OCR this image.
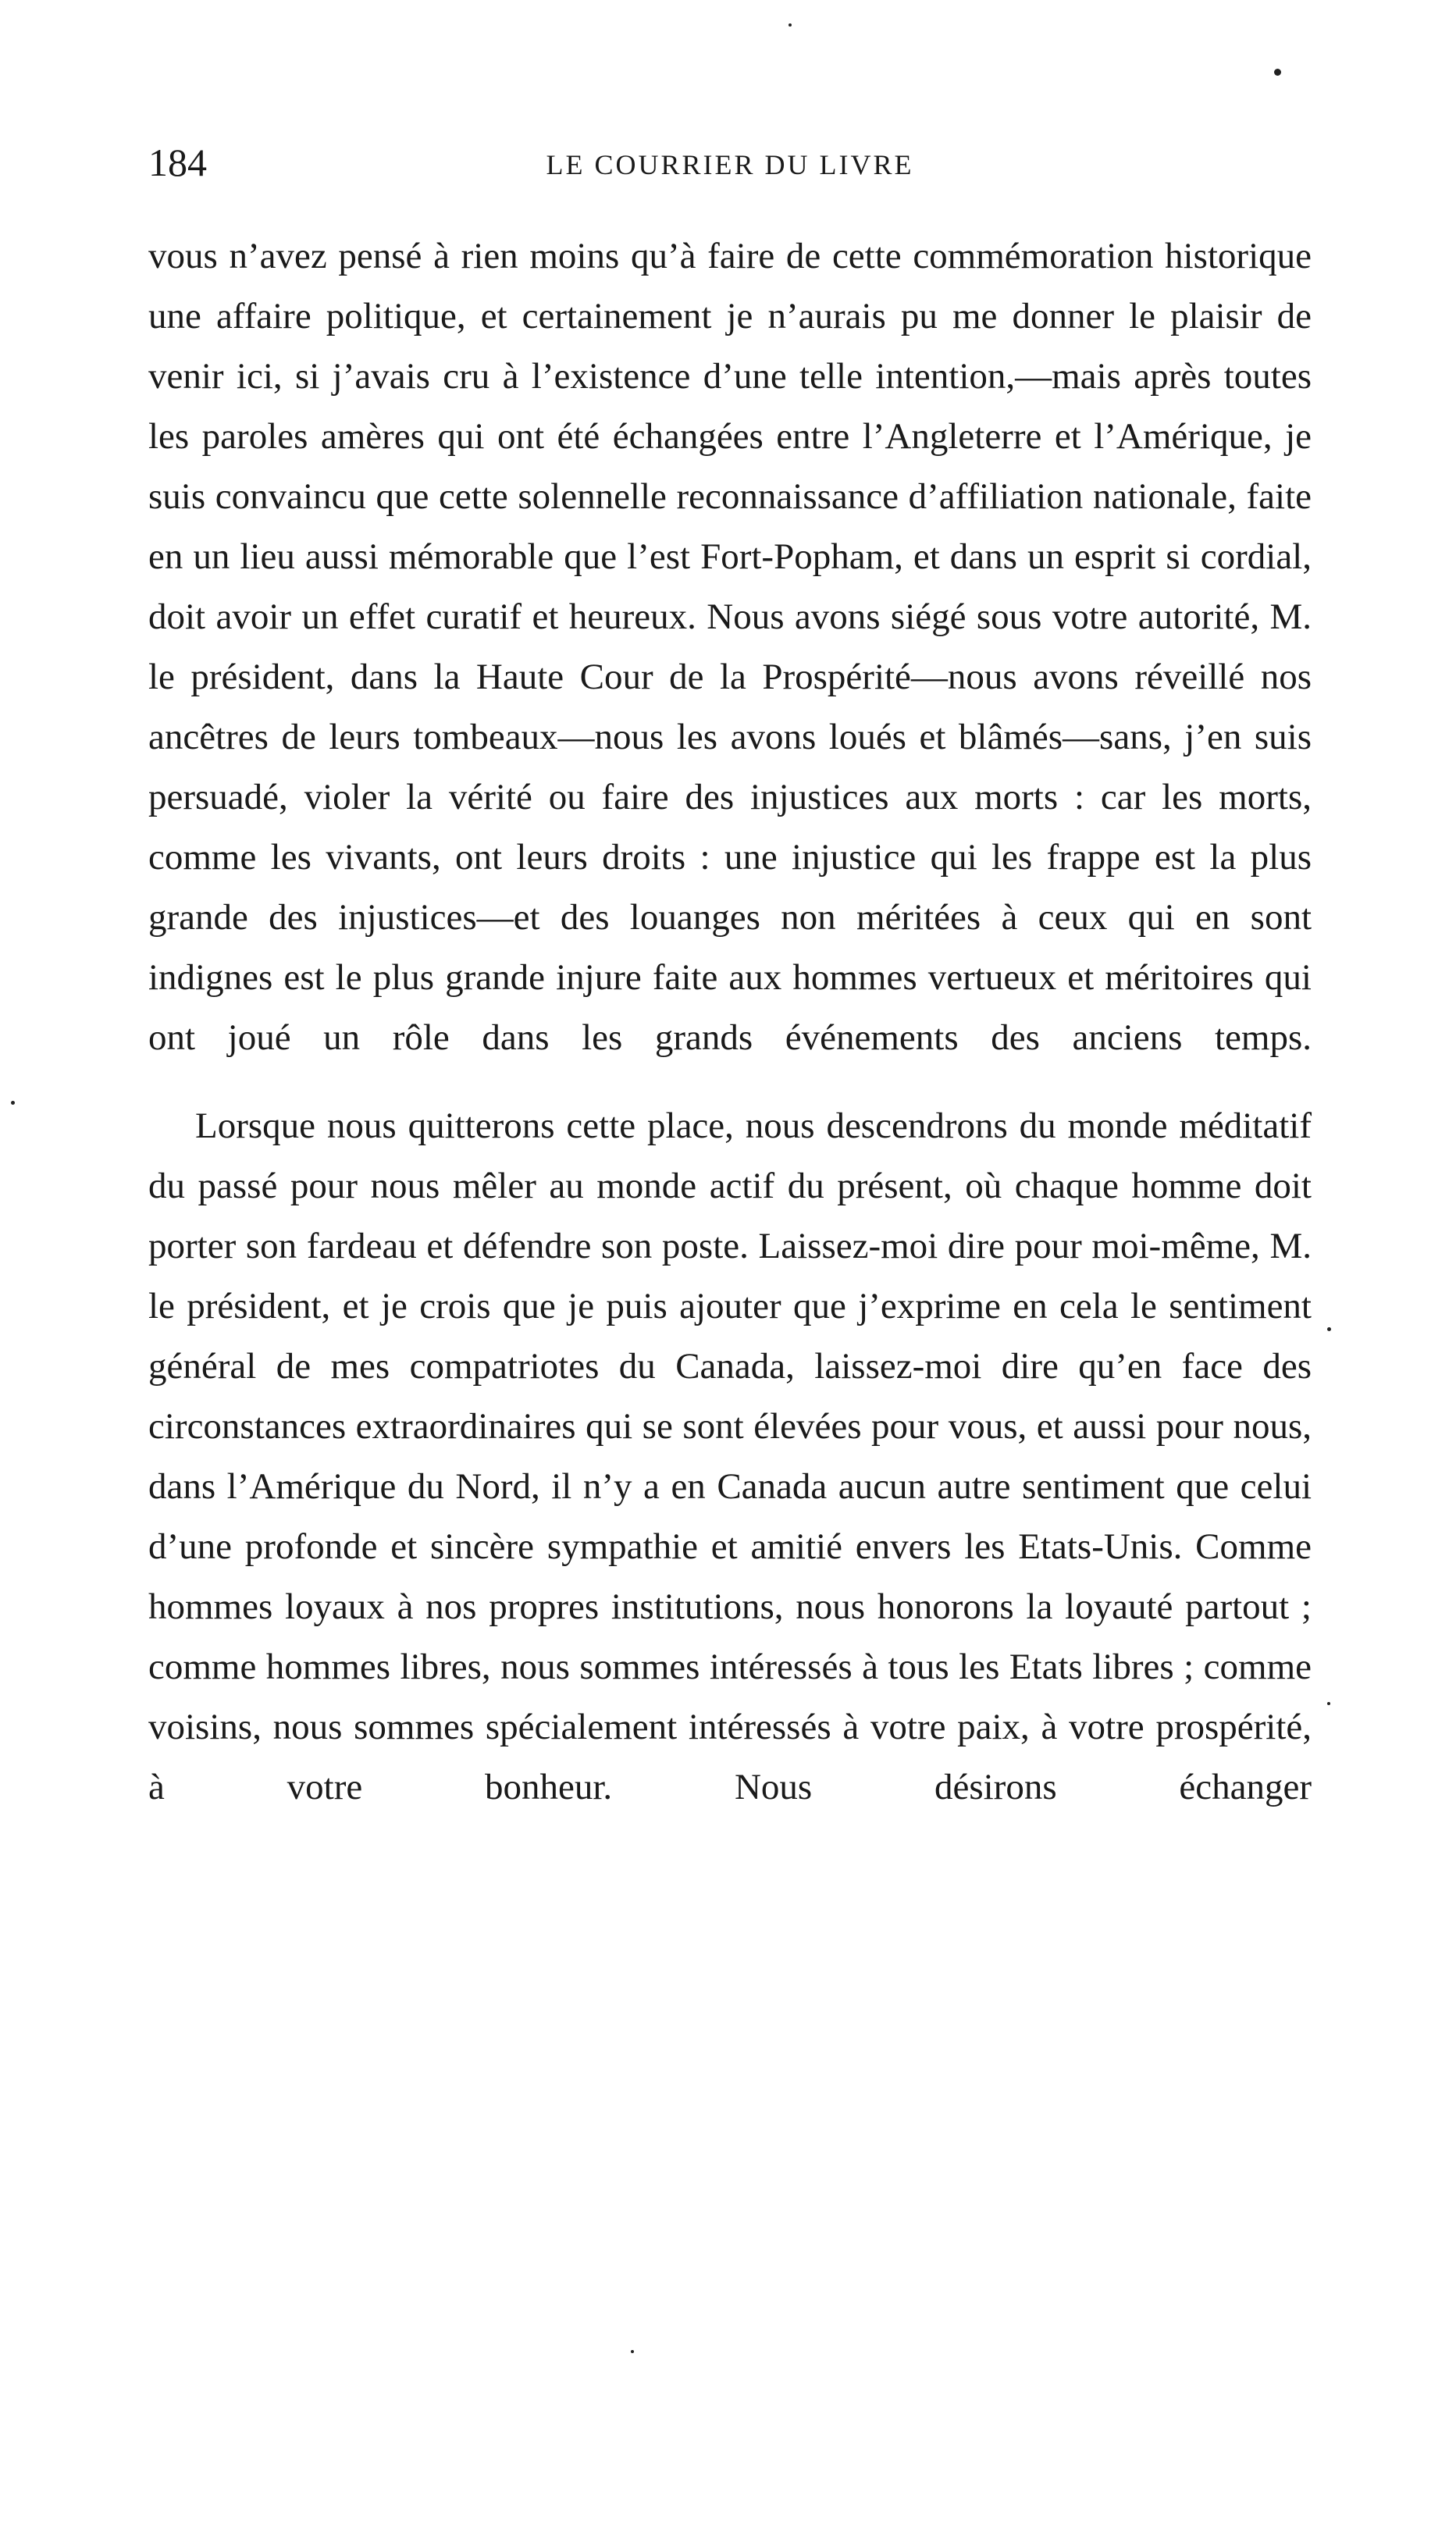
184	LE COURRIER DU LIVRE

vous n’avez pensé à rien moins qu’à faire de cette commémoration historique une affaire politique, et certainement je n’aurais pu me donner le plaisir de venir ici, si j’avais cru à l’existence d’une telle intention,—mais après toutes les paroles amères qui ont été échangées entre l’Angleterre et l’Amérique, je suis convaincu que cette solennelle reconnaissance d’affiliation nationale, faite en un lieu aussi mémorable que l’est Fort-Popham, et dans un esprit si cordial, doit avoir un effet curatif et heureux. Nous avons siégé sous votre autorité, M. le président, dans la Haute Cour de la Prospérité—nous avons réveillé nos ancêtres de leurs tombeaux—nous les avons loués et blâmés—sans, j’en suis persuadé, violer la vérité ou faire des injustices aux morts : car les morts, comme les vivants, ont leurs droits : une injustice qui les frappe est la plus grande des injustices—et des louanges non méritées à ceux qui en sont indignes est le plus grande injure faite aux hommes vertueux et méritoires qui ont joué un rôle dans les grands événements des anciens temps.

Lorsque nous quitterons cette place, nous descendrons du monde méditatif du passé pour nous mêler au monde actif du présent, où chaque homme doit porter son fardeau et défendre son poste. Laissez-moi dire pour moi-même, M. le président, et je crois que je puis ajouter que j’exprime en cela le sentiment général de mes compatriotes du Canada, laissez-moi dire qu’en face des circonstances extraordinaires qui se sont élevées pour vous, et aussi pour nous, dans l’Amérique du Nord, il n’y a en Canada aucun autre sentiment que celui d’une profonde et sincère sympathie et amitié envers les Etats-Unis. Comme hommes loyaux à nos propres institutions, nous honorons la loyauté partout ; comme hommes libres, nous sommes intéressés à tous les Etats libres ; comme voisins, nous sommes spécialement intéressés à votre paix, à votre prospérité, à votre bonheur. Nous désirons échanger
